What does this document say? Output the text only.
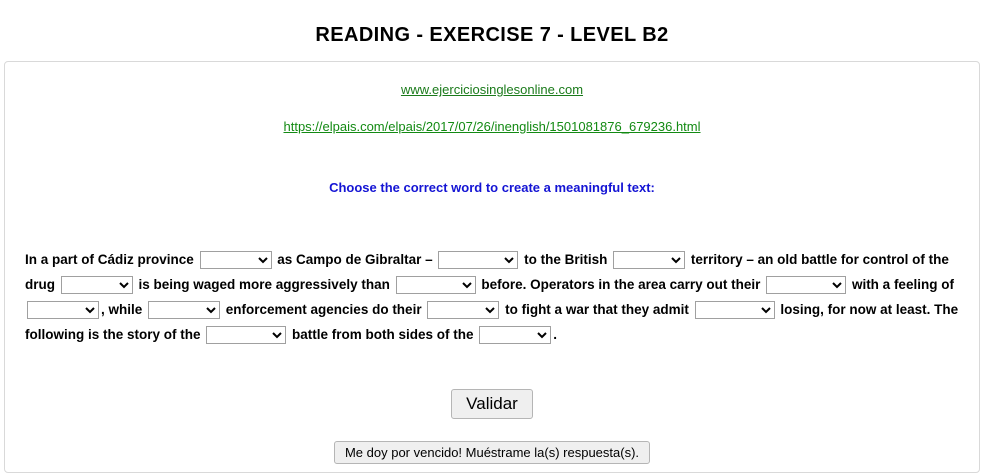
READING - EXERCISE 7 - LEVEL B2
www.ejerciciosinglesonline.com
https://elpais.com/elpais/2017/07/26/inenglish/1501081876_679236.html
Choose the correct word to create a meaningful text:
In a part of Cádiz province	as Campo de Gibraltar –	to the British	territory – an old battle for control of the drug	is being waged more aggressively than	before. Operators in the area carry out their	with a feeling of
, while	enforcement agencies do their	to fight a war that they admit	losing, for now at least. The following is the story of the	battle from both sides of the	.
Validar
Me doy por vencido! Muéstrame la(s) respuesta(s).
